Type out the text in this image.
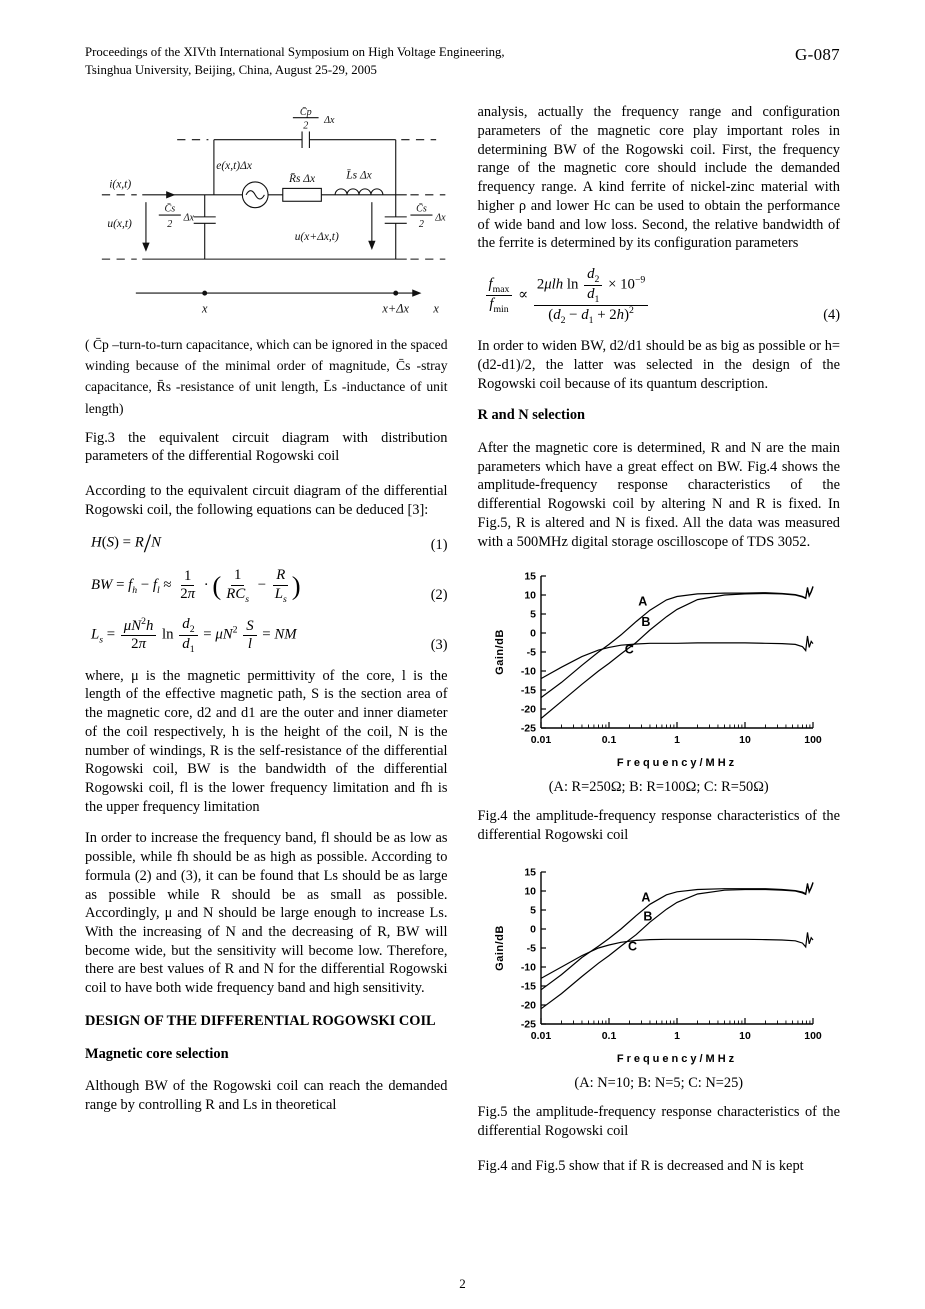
Proceedings of the XIVth International Symposium on High Voltage Engineering,
Tsinghua University, Beijing, China, August 25-29, 2005
G-087
i(x,t)
u(x,t)
u(x+Δx,t)
e(x,t)Δx
R̄s Δx L̄s Δx
C̄p
2
Δx
C̄s
2
Δx
C̄s
2
Δx
x	x+Δx x

( C̄p –turn-to-turn capacitance, which can be ignored in the spaced winding because of the minimal order of magnitude, C̄s -stray capacitance, R̄s -resistance of unit length, L̄s -inductance of unit length)

Fig.3 the equivalent circuit diagram with distribution parameters of the differential Rogowski coil

According to the equivalent circuit diagram of the differential Rogowski coil, the following equations can be deduced [3]:

H(S) = R/N	(1)
BW = $f_h - f_l \approx \frac{1}{2\pi}$ · ( $\frac{1}{RC_s} - \frac{R}{L_s}$ )	(2)
$L_s = \frac{\mu N^2h}{2\pi}$ $\ln \frac{d_2}{d_1} = \mu N^2 \frac{S}{l}$ = NM
(3)

where, μ is the magnetic permittivity of the core, l is the length of the effective magnetic path, S is the section area of the magnetic core, d2 and d1 are the outer and inner diameter of the coil respectively, h is the height of the coil, N is the number of windings, R is the self-resistance of the differential Rogowski coil, BW is the bandwidth of the differential Rogowski coil, fl is the lower frequency limitation and fh is the upper frequency limitation

In order to increase the frequency band, fl should be as low as possible, while fh should be as high as possible. According to formula (2) and (3), it can be found that Ls should be as large as possible while R should be as small as possible. Accordingly, μ and N should be large enough to increase Ls. With the increasing of N and the decreasing of R, BW will become wide, but the sensitivity will become low. Therefore, there are best values of R and N for the differential Rogowski coil to have both wide frequency band and high sensitivity.

DESIGN OF THE DIFFERENTIAL ROGOWSKI COIL
Magnetic core selection

Although BW of the Rogowski coil can reach the demanded range by controlling R and Ls in theoretical

analysis, actually the frequency range and configuration parameters of the magnetic core play important roles in determining BW of the Rogowski coil. First, the frequency range of the magnetic core should include the demanded frequency range. A kind ferrite of nickel-zinc material with higher ρ and lower Hc can be used to obtain the performance of wide band and low loss. Second, the relative bandwidth of the ferrite is determined by its configuration parameters

$\frac{f_{max}}{f_{min}} \propto \frac{2\mu lh \ln \frac{d_2}{d_1} \times 10^{-9}}{(d_2 - d_1 + 2h)^2}$	(4)

In order to widen BW, d2/d1 should be as big as possible or h=(d2-d1)/2, the latter was selected in the design of the Rogowski coil because of its quantum description.

R and N selection

After the magnetic core is determined, R and N are the main parameters which have a great effect on BW. Fig.4 shows the amplitude-frequency response characteristics of the differential Rogowski coil by altering N and R is fixed. In Fig.5, R is altered and N is fixed. All the data was measured with a 500MHz digital storage oscilloscope of TDS 3052.

15
10
5
0
-5
-10
-15
-20
-25
0.01	0.1	1	10	100
A
B
C
Frequency/MHz
Gain/dB
(A: R=250Ω; B: R=100Ω; C: R=50Ω)

Fig.4 the amplitude-frequency response characteristics of the differential Rogowski coil

15
10
5
0
-5
-10
-15
-20
-25
0.01	0.1	1	10	100
A
B
C
Frequency/MHz
Gain/dB
(A: N=10; B: N=5; C: N=25)

Fig.5 the amplitude-frequency response characteristics of the differential Rogowski coil

Fig.4 and Fig.5 show that if R is decreased and N is kept

2
